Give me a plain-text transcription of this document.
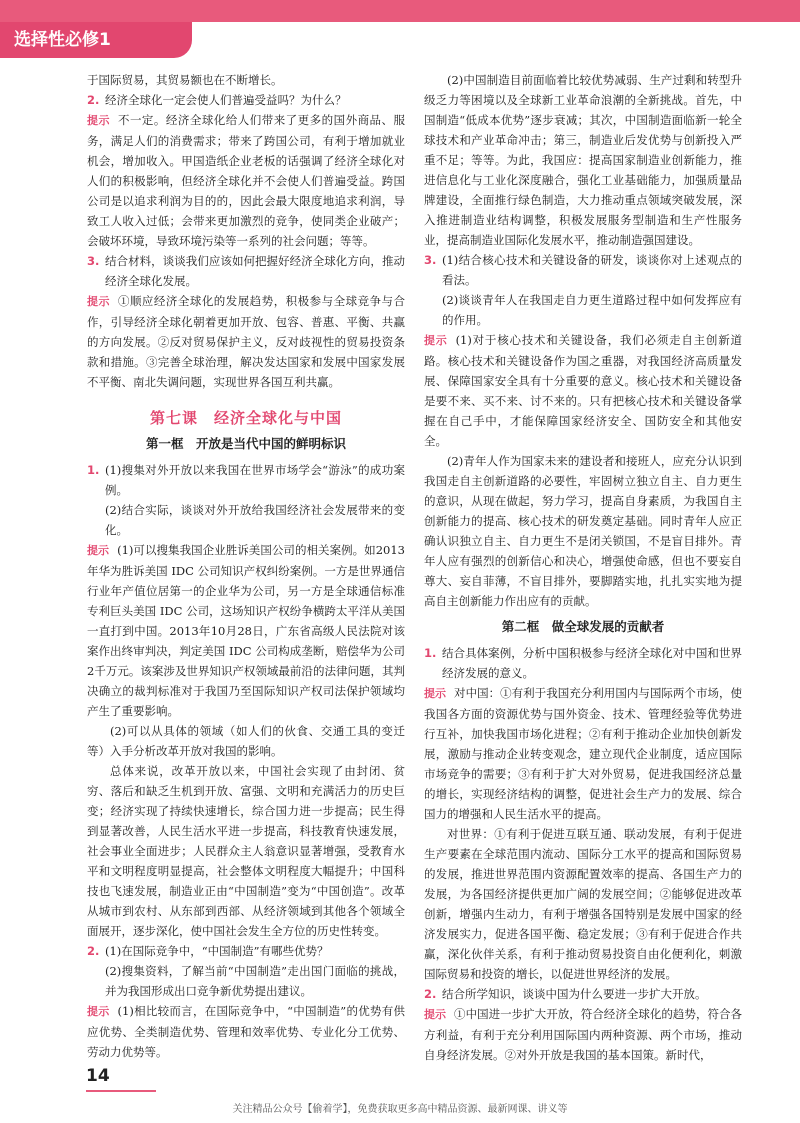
选择性必修1

于国际贸易，其贸易额也在不断增长。

2. 经济全球化一定会使人们普遍受益吗？为什么？

提示 不一定。经济全球化给人们带来了更多的国外商品、服务，满足人们的消费需求；带来了跨国公司，有利于增加就业机会，增加收入。甲国造纸企业老板的话强调了经济全球化对人们的积极影响，但经济全球化并不会使人们普遍受益。跨国公司是以追求利润为目的的，因此会最大限度地追求利润，导致工人收入过低；会带来更加激烈的竞争，使同类企业破产；会破坏环境，导致环境污染等一系列的社会问题；等等。

3. 结合材料，谈谈我们应该如何把握好经济全球化方向，推动经济全球化发展。

提示 ①顺应经济全球化的发展趋势，积极参与全球竞争与合作，引导经济全球化朝着更加开放、包容、普惠、平衡、共赢的方向发展。②反对贸易保护主义，反对歧视性的贸易投资条款和措施。③完善全球治理，解决发达国家和发展中国家发展不平衡、南北失调问题，实现世界各国互利共赢。

第七课　经济全球化与中国
第一框　开放是当代中国的鲜明标识

1. (1)搜集对外开放以来我国在世界市场学会“游泳”的成功案例。

(2)结合实际，谈谈对外开放给我国经济社会发展带来的变化。

提示 (1)可以搜集我国企业胜诉美国公司的相关案例。如2013年华为胜诉美国 IDC 公司知识产权纠纷案例。一方是世界通信行业年产值位居第一的企业华为公司，另一方是全球通信标准专利巨头美国 IDC 公司，这场知识产权纷争横跨太平洋从美国一直打到中国。2013年10月28日，广东省高级人民法院对该案作出终审判决，判定美国 IDC 公司构成垄断，赔偿华为公司2千万元。该案涉及世界知识产权领域最前沿的法律问题，其判决确立的裁判标准对于我国乃至国际知识产权司法保护领域均产生了重要影响。

(2)可以从具体的领域（如人们的伙食、交通工具的变迁等）入手分析改革开放对我国的影响。

总体来说，改革开放以来，中国社会实现了由封闭、贫穷、落后和缺乏生机到开放、富强、文明和充满活力的历史巨变；经济实现了持续快速增长，综合国力进一步提高；民生得到显著改善，人民生活水平进一步提高，科技教育快速发展，社会事业全面进步；人民群众主人翁意识显著增强，受教育水平和文明程度明显提高，社会整体文明程度大幅提升；中国科技也飞速发展，制造业正由“中国制造”变为“中国创造”。改革从城市到农村、从东部到西部、从经济领域到其他各个领域全面展开，逐步深化，使中国社会发生全方位的历史性转变。

2. (1)在国际竞争中，“中国制造”有哪些优势？

(2)搜集资料，了解当前“中国制造”走出国门面临的挑战，并为我国形成出口竞争新优势提出建议。

提示 (1)相比较而言，在国际竞争中，“中国制造”的优势有供应优势、全类制造优势、管理和效率优势、专业化分工优势、劳动力优势等。

(2)中国制造目前面临着比较优势减弱、生产过剩和转型升级乏力等困境以及全球新工业革命浪潮的全新挑战。首先，中国制造“低成本优势”逐步衰减；其次，中国制造面临新一轮全球技术和产业革命冲击；第三，制造业后发优势与创新投入严重不足；等等。为此，我国应：提高国家制造业创新能力，推进信息化与工业化深度融合，强化工业基础能力，加强质量品牌建设，全面推行绿色制造，大力推动重点领域突破发展，深入推进制造业结构调整，积极发展服务型制造和生产性服务业，提高制造业国际化发展水平，推动制造强国建设。

3. (1)结合核心技术和关键设备的研发，谈谈你对上述观点的看法。

(2)谈谈青年人在我国走自力更生道路过程中如何发挥应有的作用。

提示 (1)对于核心技术和关键设备，我们必须走自主创新道路。核心技术和关键设备作为国之重器，对我国经济高质量发展、保障国家安全具有十分重要的意义。核心技术和关键设备是要不来、买不来、讨不来的。只有把核心技术和关键设备掌握在自己手中，才能保障国家经济安全、国防安全和其他安全。

(2)青年人作为国家未来的建设者和接班人，应充分认识到我国走自主创新道路的必要性，牢固树立独立自主、自力更生的意识，从现在做起，努力学习，提高自身素质，为我国自主创新能力的提高、核心技术的研发奠定基础。同时青年人应正确认识独立自主、自力更生不是闭关锁国，不是盲目排外。青年人应有强烈的创新信心和决心，增强使命感，但也不要妄自尊大、妄自菲薄，不盲目排外，要脚踏实地，扎扎实实地为提高自主创新能力作出应有的贡献。

第二框　做全球发展的贡献者

1. 结合具体案例，分析中国积极参与经济全球化对中国和世界经济发展的意义。

提示 对中国：①有利于我国充分利用国内与国际两个市场，使我国各方面的资源优势与国外资金、技术、管理经验等优势进行互补，加快我国市场化进程；②有利于推动企业加快创新发展，激励与推动企业转变观念，建立现代企业制度，适应国际市场竞争的需要；③有利于扩大对外贸易，促进我国经济总量的增长，实现经济结构的调整，促进社会生产力的发展、综合国力的增强和人民生活水平的提高。

对世界：①有利于促进互联互通、联动发展，有利于促进生产要素在全球范围内流动、国际分工水平的提高和国际贸易的发展，推进世界范围内资源配置效率的提高、各国生产力的发展，为各国经济提供更加广阔的发展空间；②能够促进改革创新，增强内生动力，有利于增强各国特别是发展中国家的经济发展实力，促进各国平衡、稳定发展；③有利于促进合作共赢，深化伙伴关系，有利于推动贸易投资自由化便利化，刺激国际贸易和投资的增长，以促进世界经济的发展。

2. 结合所学知识，谈谈中国为什么要进一步扩大开放。

提示 ①中国进一步扩大开放，符合经济全球化的趋势，符合各方利益，有利于充分利用国际国内两种资源、两个市场，推动自身经济发展。②对外开放是我国的基本国策。新时代，

14
关注精品公众号【偷着学】，免费获取更多高中精品资源、最新网课、讲义等
